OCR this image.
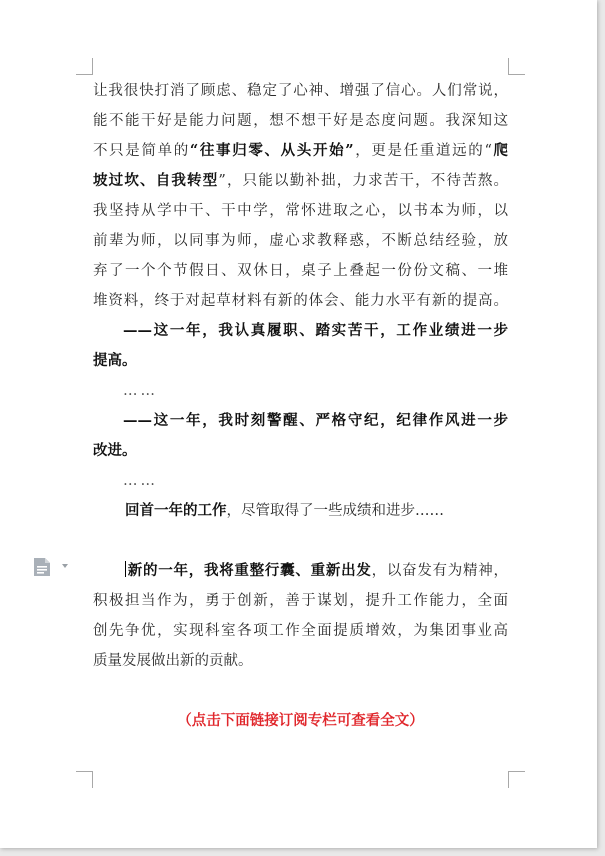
让我很快打消了顾虑、稳定了心神、增强了信心。人们常说，
能不能干好是能力问题，想不想干好是态度问题。我深知这
不只是简单的“往事归零、从头开始”，更是任重道远的“爬
坡过坎、自我转型”，只能以勤补拙，力求苦干，不待苦熬。
我坚持从学中干、干中学，常怀进取之心，以书本为师，以
前辈为师，以同事为师，虚心求教释惑，不断总结经验，放
弃了一个个节假日、双休日，桌子上叠起一份份文稿、一堆
堆资料，终于对起草材料有新的体会、能力水平有新的提高。
——这一年，我认真履职、踏实苦干，工作业绩进一步
提高。
……
——这一年，我时刻警醒、严格守纪，纪律作风进一步
改进。
……
回首一年的工作，尽管取得了一些成绩和进步……
新的一年，我将重整行囊、重新出发，以奋发有为精神，
积极担当作为，勇于创新，善于谋划，提升工作能力，全面
创先争优，实现科室各项工作全面提质增效，为集团事业高
质量发展做出新的贡献。
（点击下面链接订阅专栏可查看全文）
